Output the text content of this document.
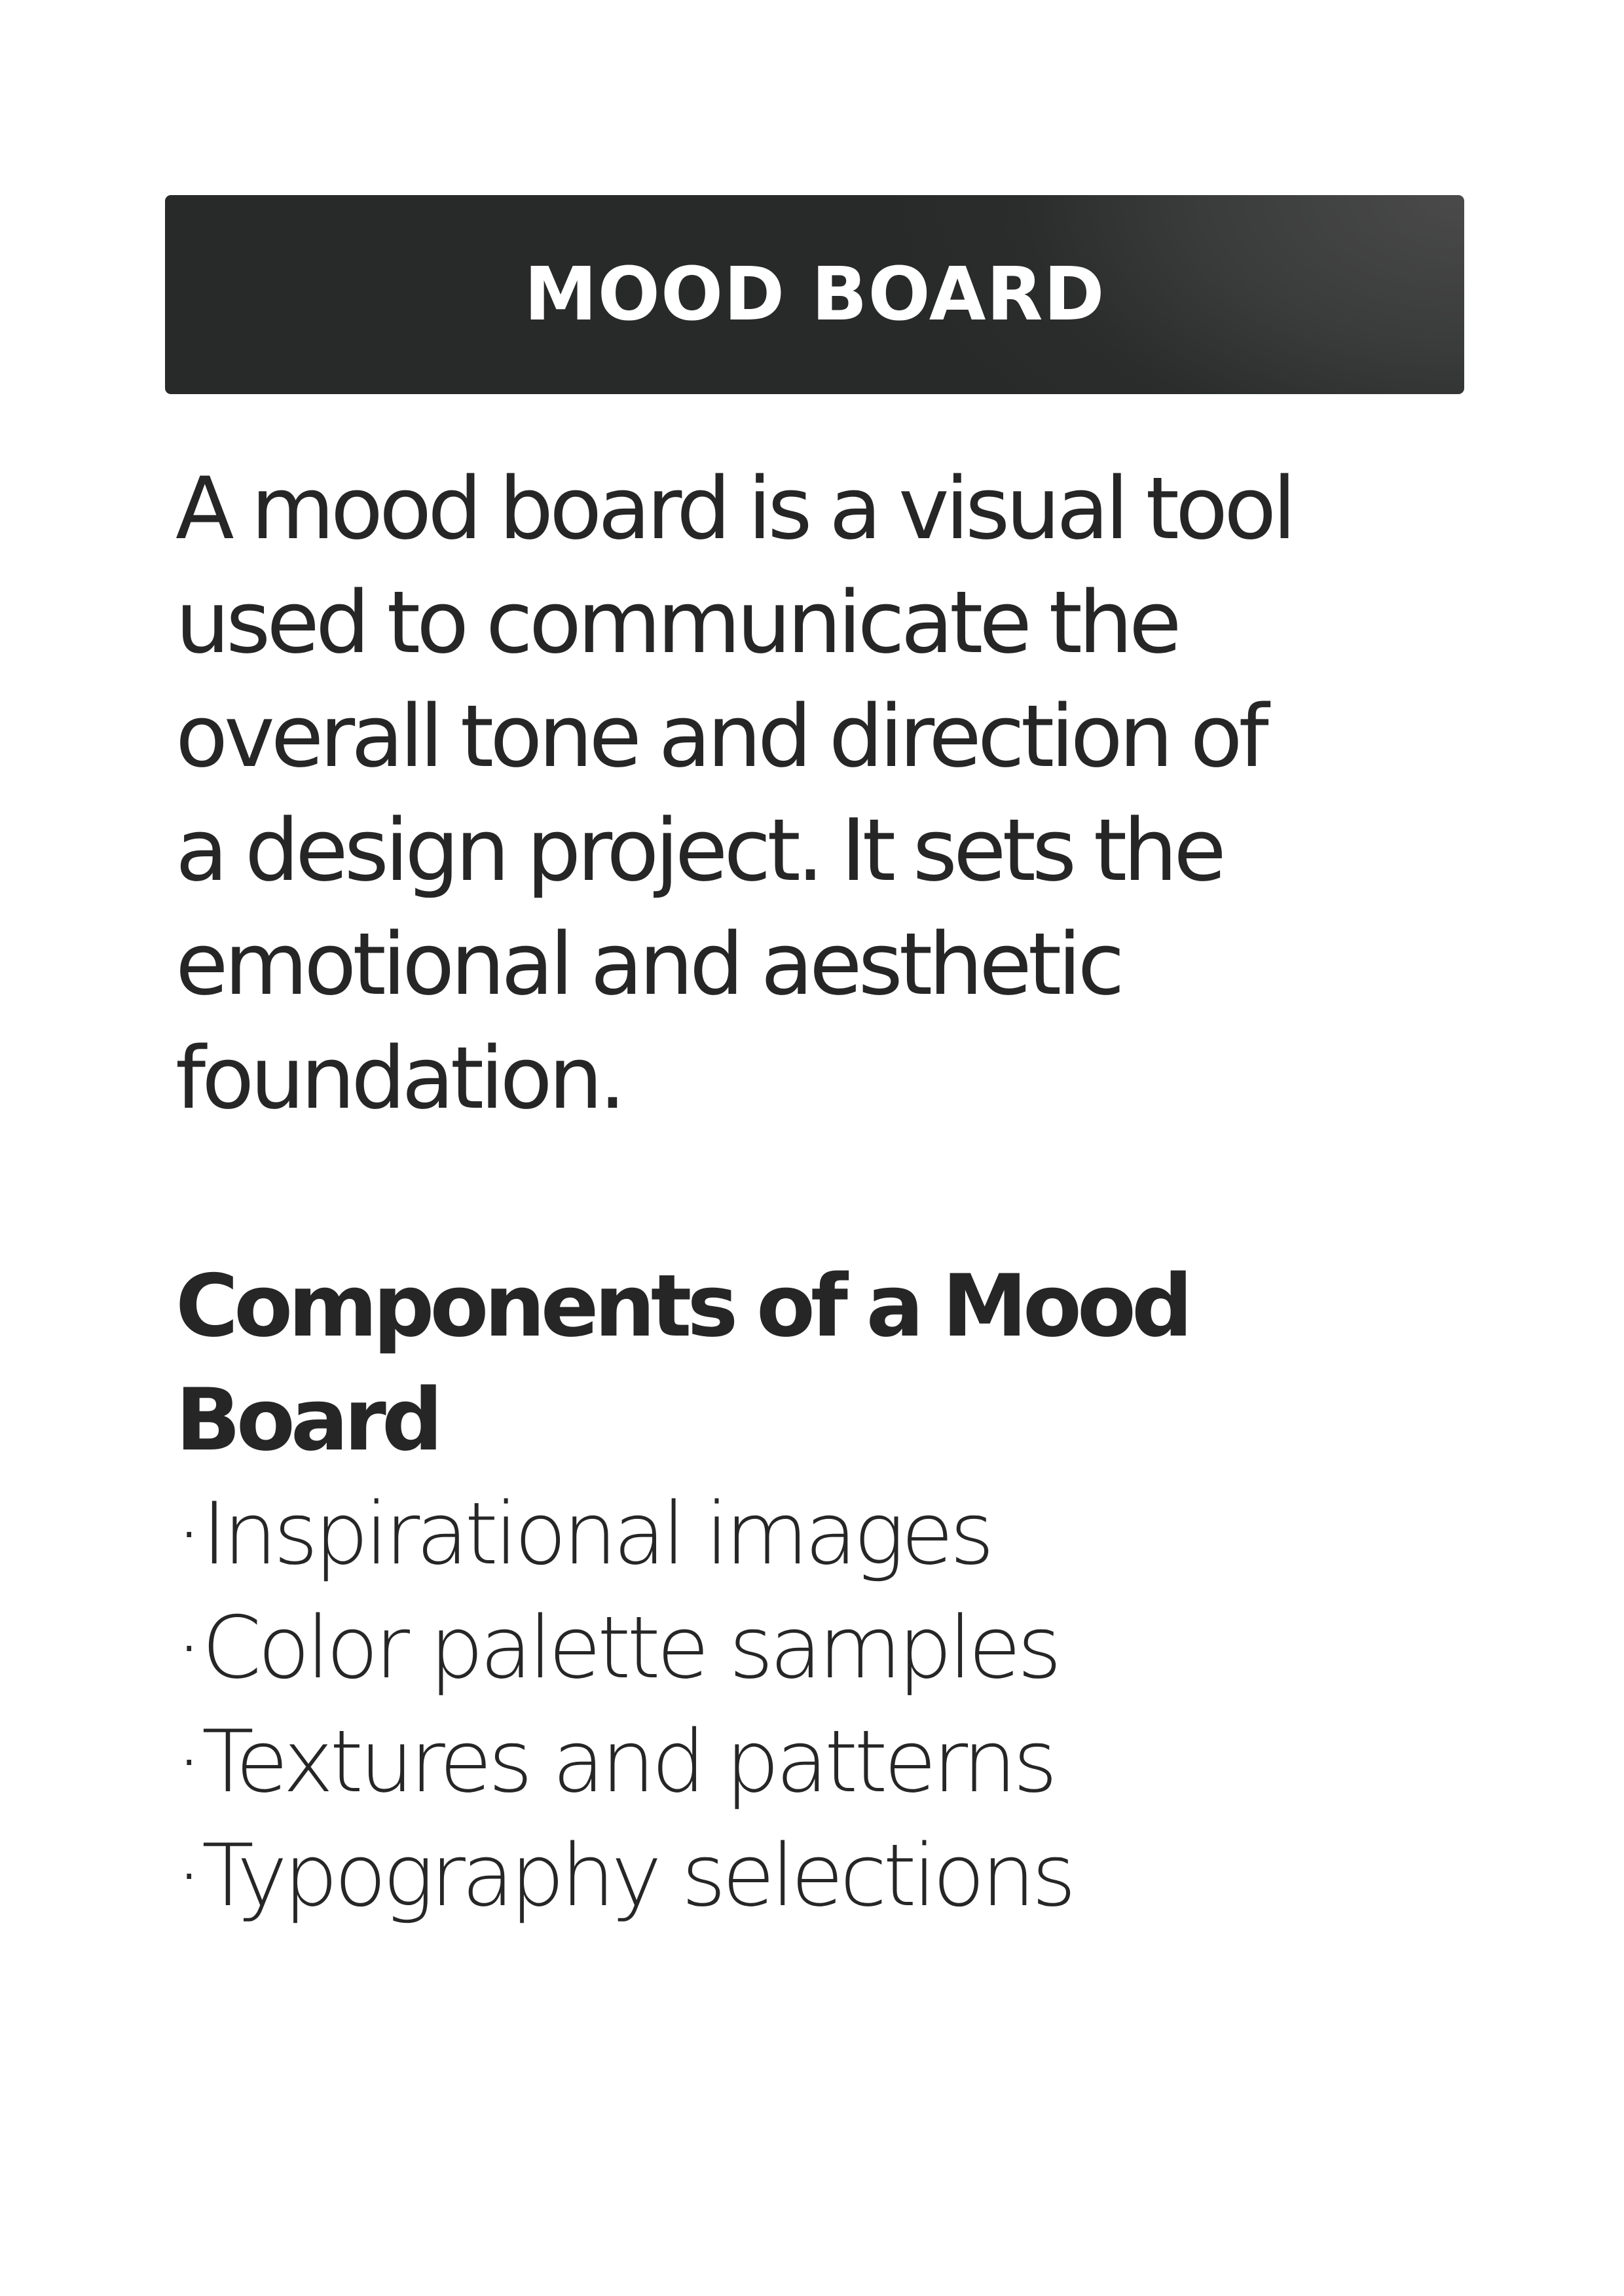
MOOD BOARD

A mood board is a visual tool
used to communicate the
overall tone and direction of
a design project. It sets the
emotional and aesthetic
foundation.

Components of a Mood
Board
·Inspirational images
·Color palette samples
·Textures and patterns
·Typography selections
